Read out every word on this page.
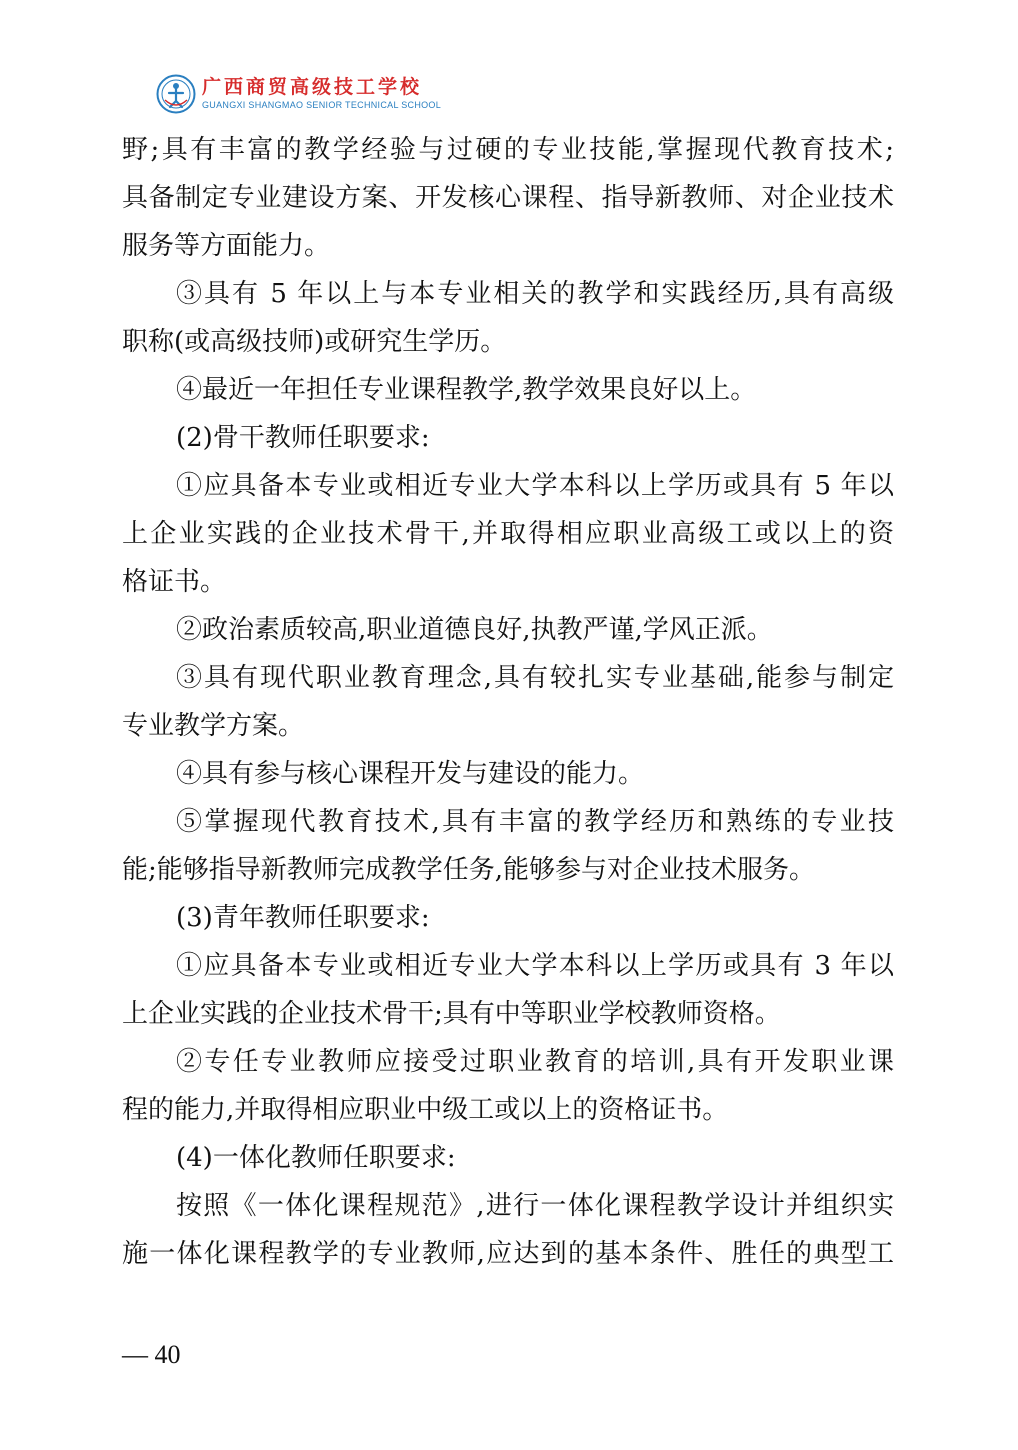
广西商贸高级技工学校
GUANGXI SHANGMAO SENIOR TECHNICAL SCHOOL
野;具有丰富的教学经验与过硬的专业技能,掌握现代教育技术;
具备制定专业建设方案、开发核心课程、指导新教师、对企业技术
服务等方面能力。
③具有 5 年以上与本专业相关的教学和实践经历,具有高级
职称(或高级技师)或研究生学历。
④最近一年担任专业课程教学,教学效果良好以上。
(2)骨干教师任职要求:
①应具备本专业或相近专业大学本科以上学历或具有 5 年以
上企业实践的企业技术骨干,并取得相应职业高级工或以上的资
格证书。
②政治素质较高,职业道德良好,执教严谨,学风正派。
③具有现代职业教育理念,具有较扎实专业基础,能参与制定
专业教学方案。
④具有参与核心课程开发与建设的能力。
⑤掌握现代教育技术,具有丰富的教学经历和熟练的专业技
能;能够指导新教师完成教学任务,能够参与对企业技术服务。
(3)青年教师任职要求:
①应具备本专业或相近专业大学本科以上学历或具有 3 年以
上企业实践的企业技术骨干;具有中等职业学校教师资格。
②专任专业教师应接受过职业教育的培训,具有开发职业课
程的能力,并取得相应职业中级工或以上的资格证书。
(4)一体化教师任职要求:
按照《一体化课程规范》,进行一体化课程教学设计并组织实
施一体化课程教学的专业教师,应达到的基本条件、胜任的典型工
— 40
